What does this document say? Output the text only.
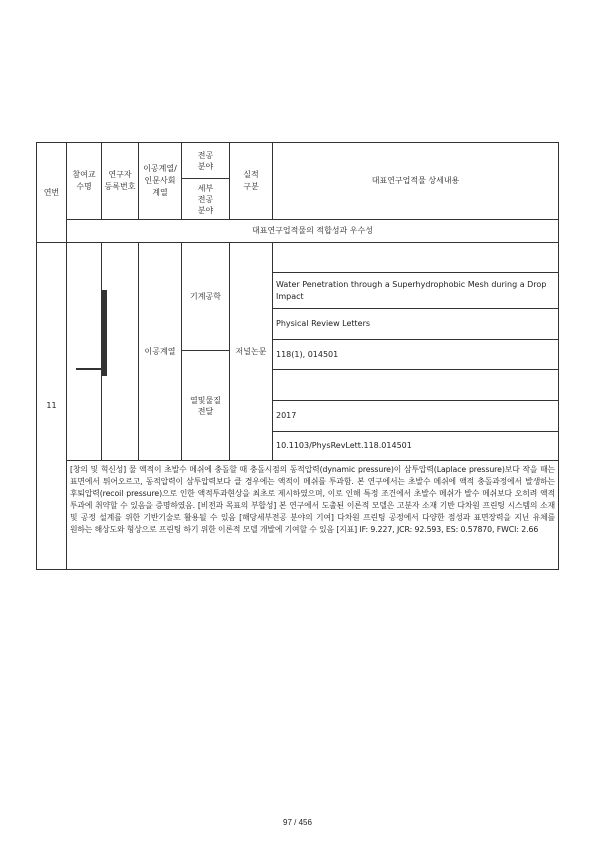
연번
참여교
수명
연구자
등록번호
이공계열/
인문사회
계열
전공
분야
세부
전공
분야
실적
구분
대표연구업적물 상세내용
대표연구업적물의 적합성과 우수성
11
이공계열
기계공학
열및물질
전달
저널논문
Water Penetration through a Superhydrophobic Mesh during a Drop Impact
Physical Review Letters
118(1), 014501
2017
10.1103/PhysRevLett.118.014501
[창의 및 혁신성] 물 액적이 초발수 메쉬에 충돌할 때 충돌시점의 동적압력(dynamic pressure)이 삼투압력(Laplace pressure)보다 작을 때는 표면에서 튀어오르고, 동적압력이 삼투압력보다 클 경우에는 액적이 메쉬를 투과함. 본 연구에서는 초발수 메쉬에 액적 충돌과정에서 발생하는 후퇴압력(recoil pressure)으로 인한 액적투과현상을 최초로 제시하였으며, 이로 인해 특정 조건에서 초발수 메쉬가 발수 메쉬보다 오히려 액적 투과에 취약할 수 있음을 증명하였음. [비전과 목표의 부합성] 본 연구에서 도출된 이론적 모델은 고분자 소재 기반 다차원 프린팅 시스템의 소재 및 공정 설계를 위한 기반기술로 활용될 수 있음 [해당세부전공 분야의 기여] 다차원 프린팅 공정에서 다양한 점성과 표면장력을 지닌 유체를 원하는 해상도와 형상으로 프린팅 하기 위한 이론적 모델 개발에 기여할 수 있음 [지표] IF: 9.227, JCR: 92.593, ES: 0.57870, FWCI: 2.66
97 / 456
